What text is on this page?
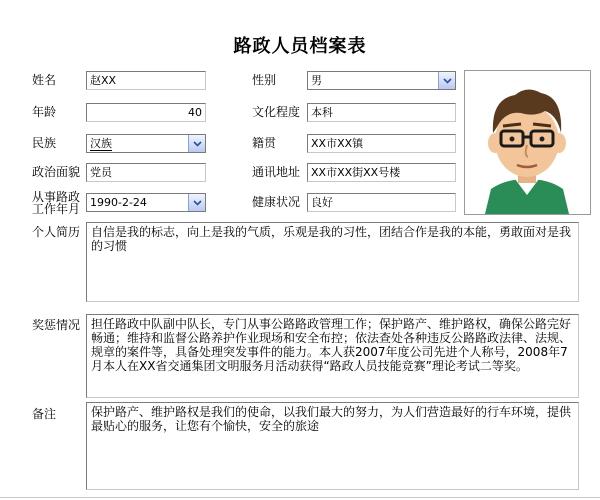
路政人员档案表
姓名	赵XX	性别	男
年龄	40	文化程度 本科
民族	汉族	籍贯	XX市XX镇
政治面貌 党员	通讯地址 XX市XX街XX号楼
从事路政
工作年月 1990-2-24	健康状况 良好
个人简历 自信是我的标志，向上是我的气质，乐观是我的习性，团结合作是我的本能，勇敢面对是我的习惯
奖惩情况 担任路政中队副中队长，专门从事公路路政管理工作；保护路产、维护路权，确保公路完好畅通；维持和监督公路养护作业现场和安全布控；依法查处各种违反公路路政法律、法规、规章的案件等，具备处理突发事件的能力。本人获2007年度公司先进个人称号，2008年7月本人在XX省交通集团文明服务月活动获得“路政人员技能竞赛”理论考试二等奖。
备注	保护路产、维护路权是我们的使命，以我们最大的努力，为人们营造最好的行车环境，提供最贴心的服务，让您有个愉快，安全的旅途
